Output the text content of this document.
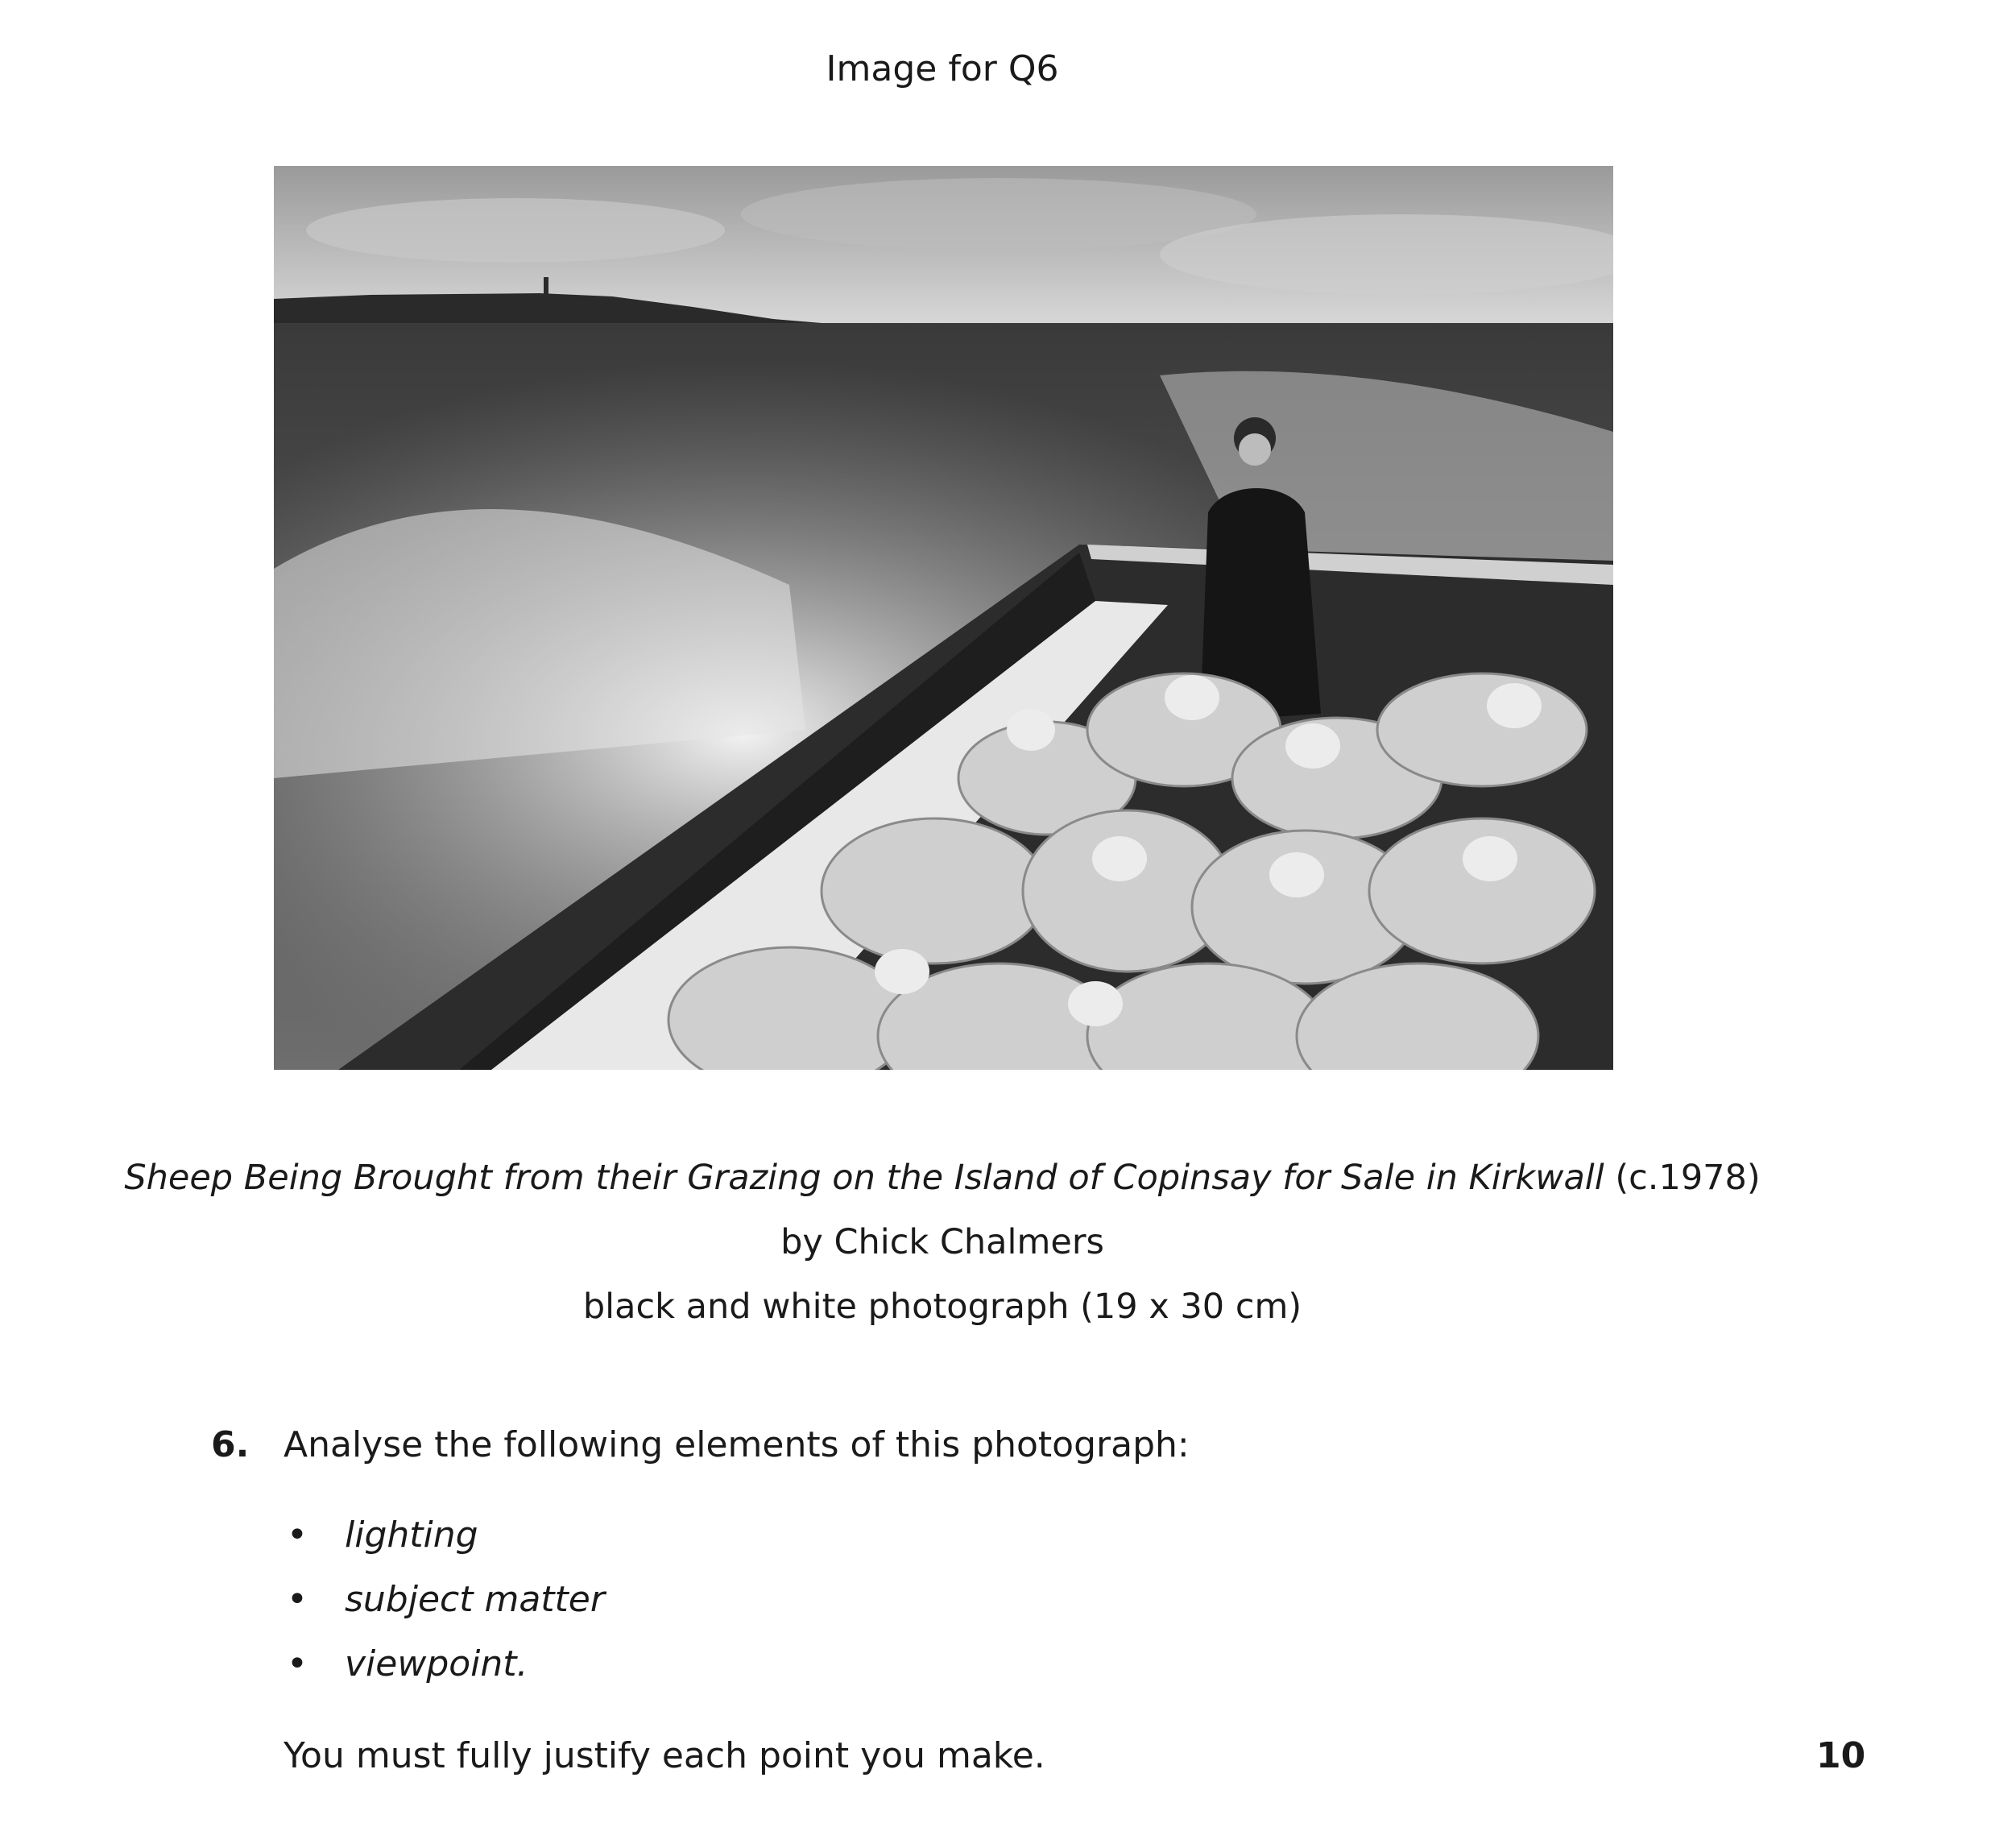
Image for Q6
Sheep Being Brought from their Grazing on the Island of Copinsay for Sale in Kirkwall (c.1978)
by Chick Chalmers
black and white photograph (19 x 30 cm)
6. Analyse the following elements of this photograph:
• lighting
• subject matter
• viewpoint.
You must fully justify each point you make.	10
